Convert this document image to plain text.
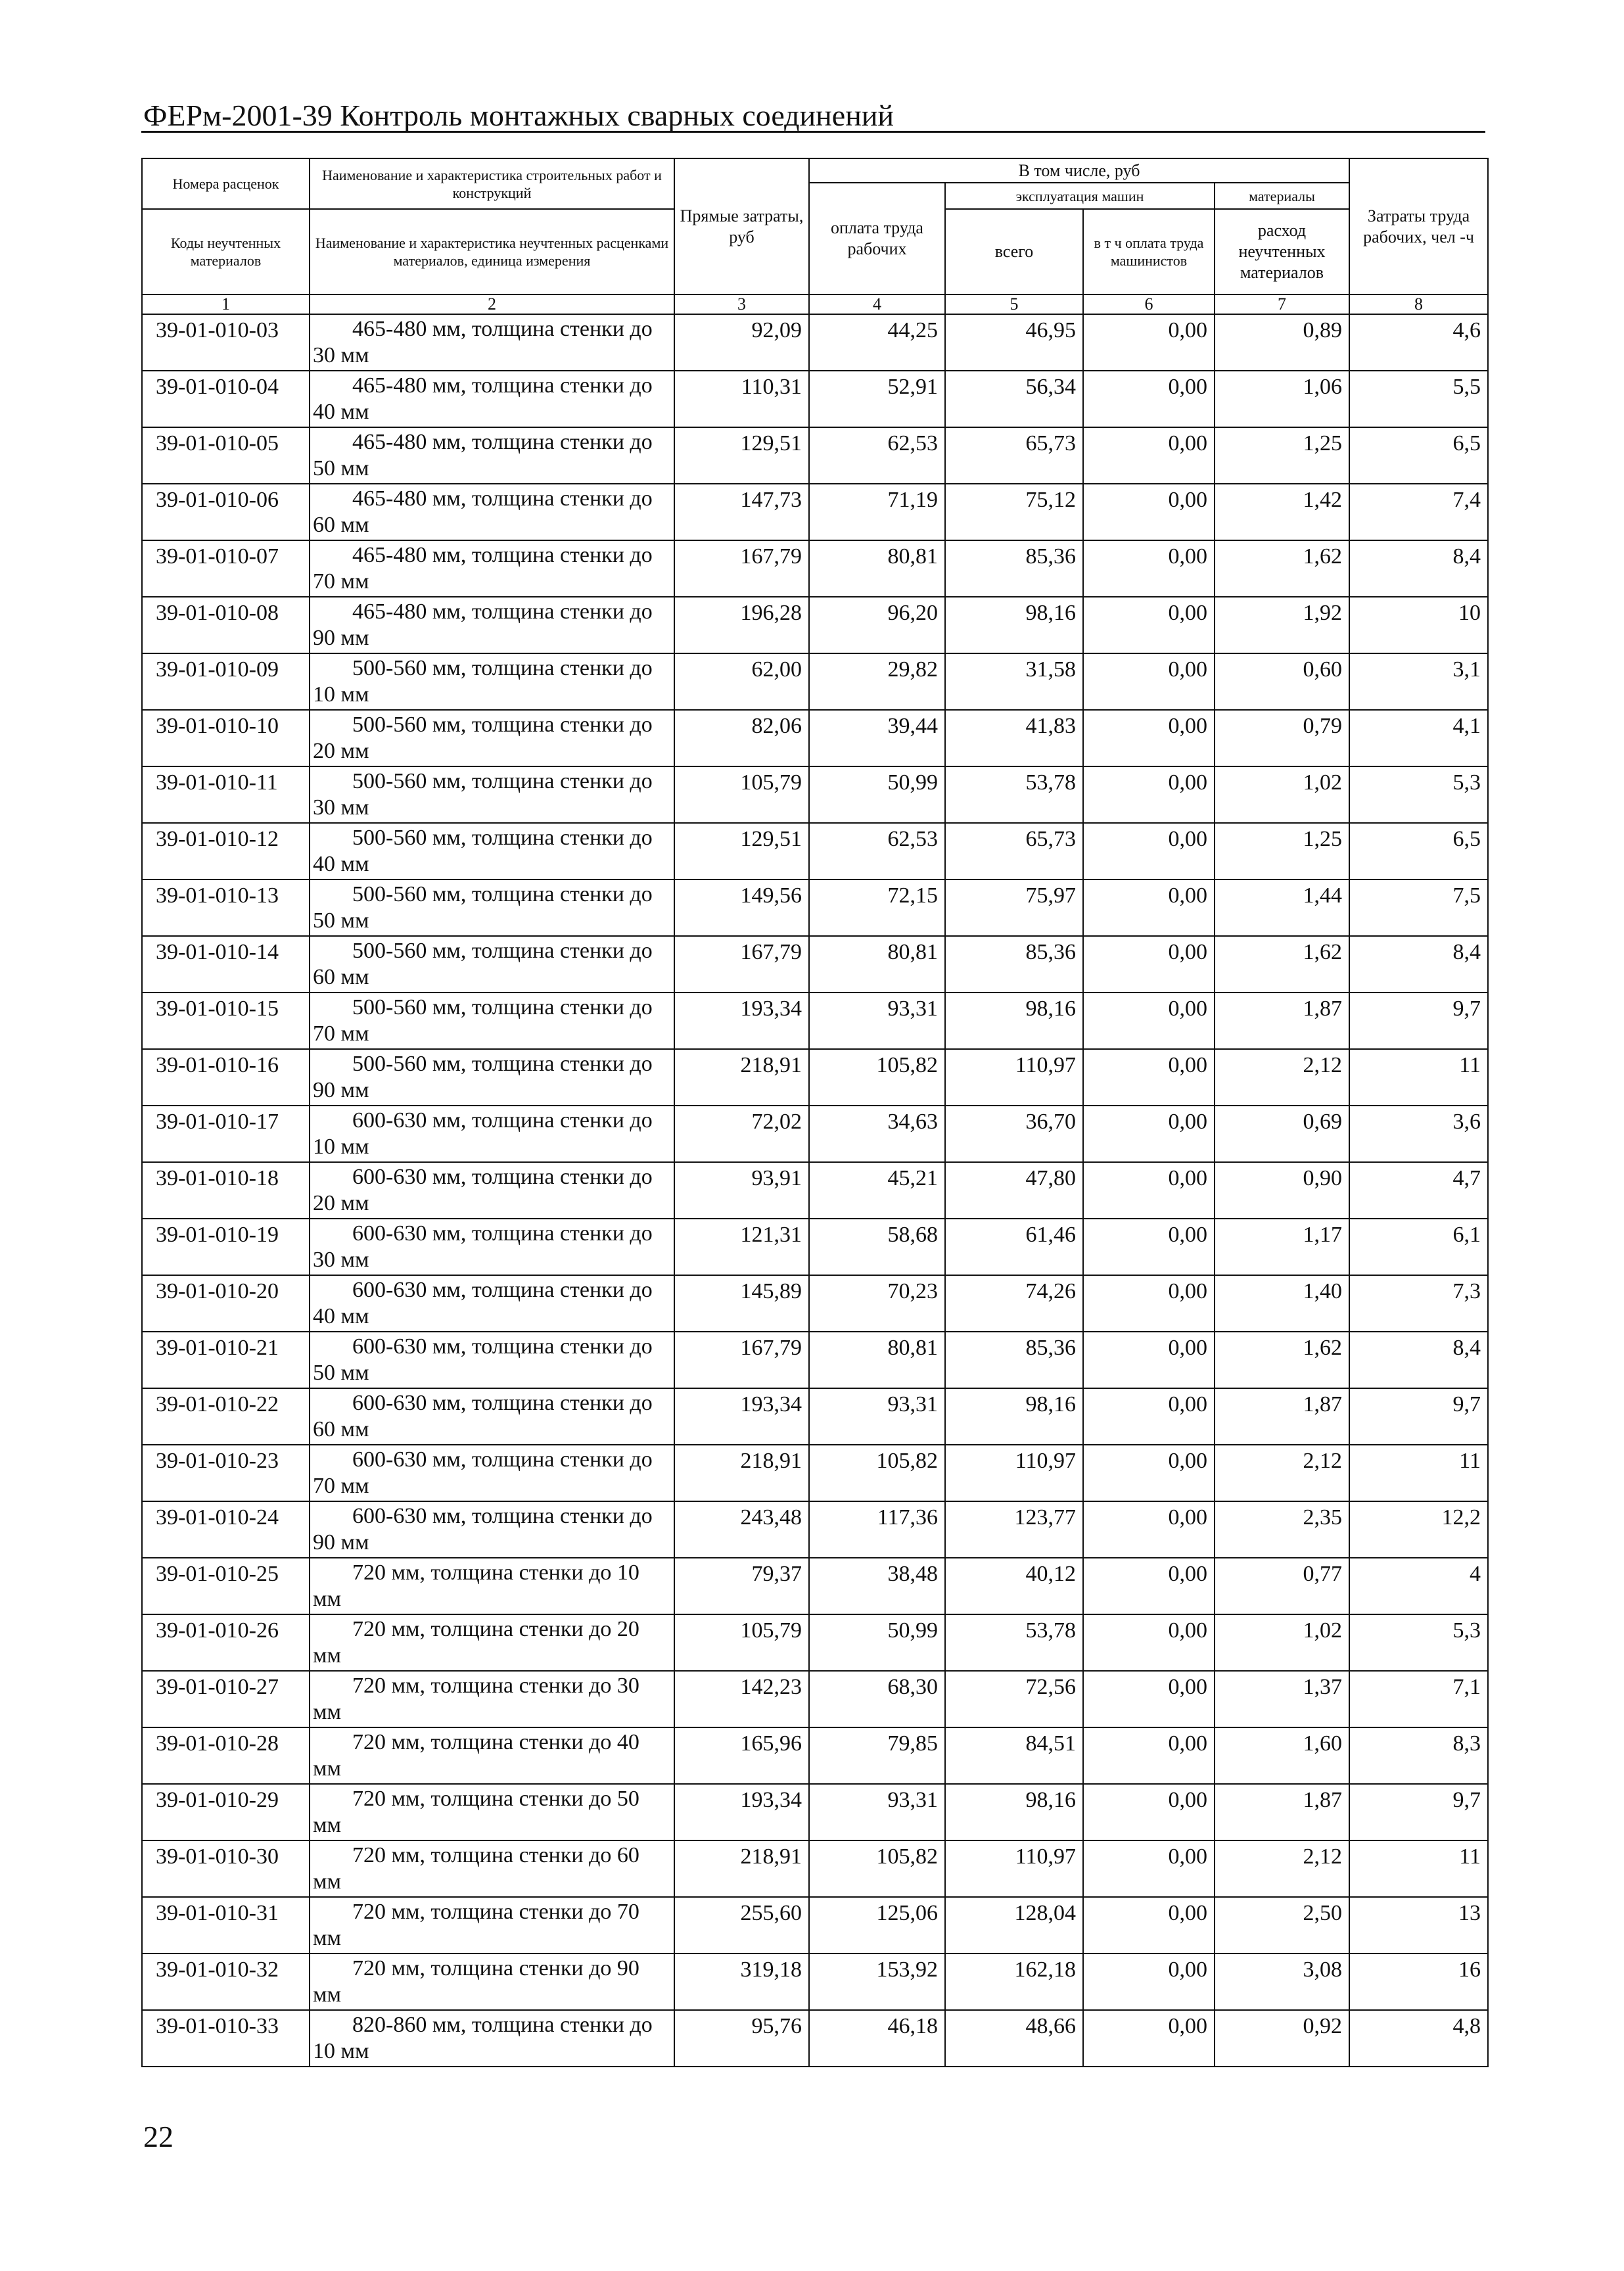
ФЕРм-2001-39 Контроль монтажных сварных соединений
Номера расценок	Наименование и характеристика строительных работ и конструкций	Прямые затраты, руб	В том числе, руб				Затраты труда рабочих, чел -ч
			оплата труда рабочих	эксплуатация машин		материалы	
Коды неучтенных материалов	Наименование и характеристика неучтенных расценками материалов, единица измерения			всего	в т ч оплата труда машинистов	расход неучтенных материалов	

1	2	3	4	5	6	7	8
39-01-010-03	465-480 мм, толщина стенки до 30 мм	92,09	44,25	46,95	0,00	0,89	4,6
39-01-010-04	465-480 мм, толщина стенки до 40 мм	110,31	52,91	56,34	0,00	1,06	5,5
39-01-010-05	465-480 мм, толщина стенки до 50 мм	129,51	62,53	65,73	0,00	1,25	6,5
39-01-010-06	465-480 мм, толщина стенки до 60 мм	147,73	71,19	75,12	0,00	1,42	7,4
39-01-010-07	465-480 мм, толщина стенки до 70 мм	167,79	80,81	85,36	0,00	1,62	8,4
39-01-010-08	465-480 мм, толщина стенки до 90 мм	196,28	96,20	98,16	0,00	1,92	10
39-01-010-09	500-560 мм, толщина стенки до 10 мм	62,00	29,82	31,58	0,00	0,60	3,1
39-01-010-10	500-560 мм, толщина стенки до 20 мм	82,06	39,44	41,83	0,00	0,79	4,1
39-01-010-11	500-560 мм, толщина стенки до 30 мм	105,79	50,99	53,78	0,00	1,02	5,3
39-01-010-12	500-560 мм, толщина стенки до 40 мм	129,51	62,53	65,73	0,00	1,25	6,5
39-01-010-13	500-560 мм, толщина стенки до 50 мм	149,56	72,15	75,97	0,00	1,44	7,5
39-01-010-14	500-560 мм, толщина стенки до 60 мм	167,79	80,81	85,36	0,00	1,62	8,4
39-01-010-15	500-560 мм, толщина стенки до 70 мм	193,34	93,31	98,16	0,00	1,87	9,7
39-01-010-16	500-560 мм, толщина стенки до 90 мм	218,91	105,82	110,97	0,00	2,12	11
39-01-010-17	600-630 мм, толщина стенки до 10 мм	72,02	34,63	36,70	0,00	0,69	3,6
39-01-010-18	600-630 мм, толщина стенки до 20 мм	93,91	45,21	47,80	0,00	0,90	4,7
39-01-010-19	600-630 мм, толщина стенки до 30 мм	121,31	58,68	61,46	0,00	1,17	6,1
39-01-010-20	600-630 мм, толщина стенки до 40 мм	145,89	70,23	74,26	0,00	1,40	7,3
39-01-010-21	600-630 мм, толщина стенки до 50 мм	167,79	80,81	85,36	0,00	1,62	8,4
39-01-010-22	600-630 мм, толщина стенки до 60 мм	193,34	93,31	98,16	0,00	1,87	9,7
39-01-010-23	600-630 мм, толщина стенки до 70 мм	218,91	105,82	110,97	0,00	2,12	11
39-01-010-24	600-630 мм, толщина стенки до 90 мм	243,48	117,36	123,77	0,00	2,35	12,2
39-01-010-25	720 мм, толщина стенки до 10 мм	79,37	38,48	40,12	0,00	0,77	4
39-01-010-26	720 мм, толщина стенки до 20 мм	105,79	50,99	53,78	0,00	1,02	5,3
39-01-010-27	720 мм, толщина стенки до 30 мм	142,23	68,30	72,56	0,00	1,37	7,1
39-01-010-28	720 мм, толщина стенки до 40 мм	165,96	79,85	84,51	0,00	1,60	8,3
39-01-010-29	720 мм, толщина стенки до 50 мм	193,34	93,31	98,16	0,00	1,87	9,7
39-01-010-30	720 мм, толщина стенки до 60 мм	218,91	105,82	110,97	0,00	2,12	11
39-01-010-31	720 мм, толщина стенки до 70 мм	255,60	125,06	128,04	0,00	2,50	13
39-01-010-32	720 мм, толщина стенки до 90 мм	319,18	153,92	162,18	0,00	3,08	16
39-01-010-33	820-860 мм, толщина стенки до 10 мм	95,76	46,18	48,66	0,00	0,92	4,8
22
